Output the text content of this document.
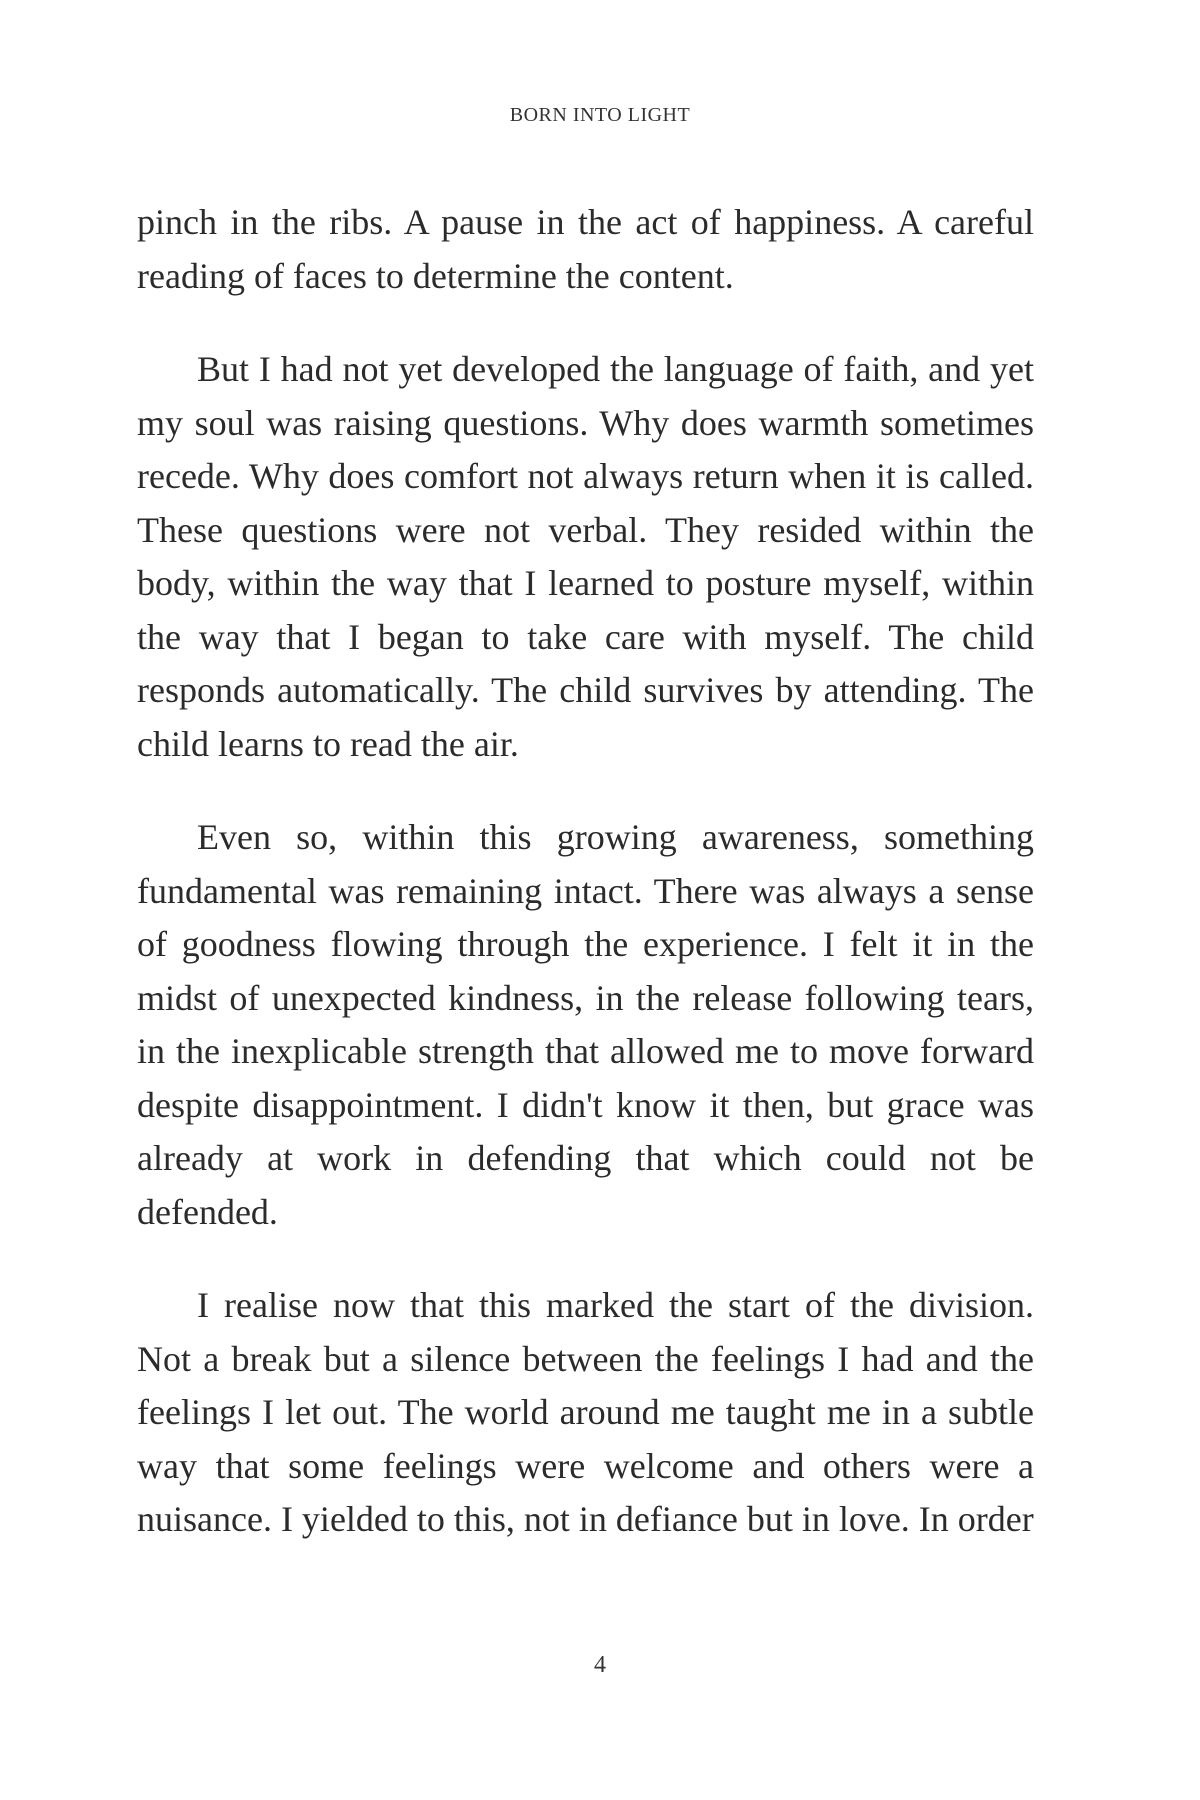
BORN INTO LIGHT

pinch in the ribs. A pause in the act of happiness. A careful reading of faces to determine the content.

But I had not yet developed the language of faith, and yet my soul was raising questions. Why does warmth sometimes recede. Why does comfort not always return when it is called. These questions were not verbal. They resided within the body, within the way that I learned to posture myself, within the way that I began to take care with myself. The child responds automatically. The child survives by attending. The child learns to read the air.

Even so, within this growing awareness, something fundamental was remaining intact. There was always a sense of goodness flowing through the experience. I felt it in the midst of unexpected kindness, in the release following tears, in the inexplicable strength that allowed me to move forward despite disappointment. I didn't know it then, but grace was already at work in defending that which could not be defended.

I realise now that this marked the start of the division. Not a break but a silence between the feelings I had and the feelings I let out. The world around me taught me in a subtle way that some feelings were welcome and others were a nuisance. I yielded to this, not in defiance but in love. In order

4
